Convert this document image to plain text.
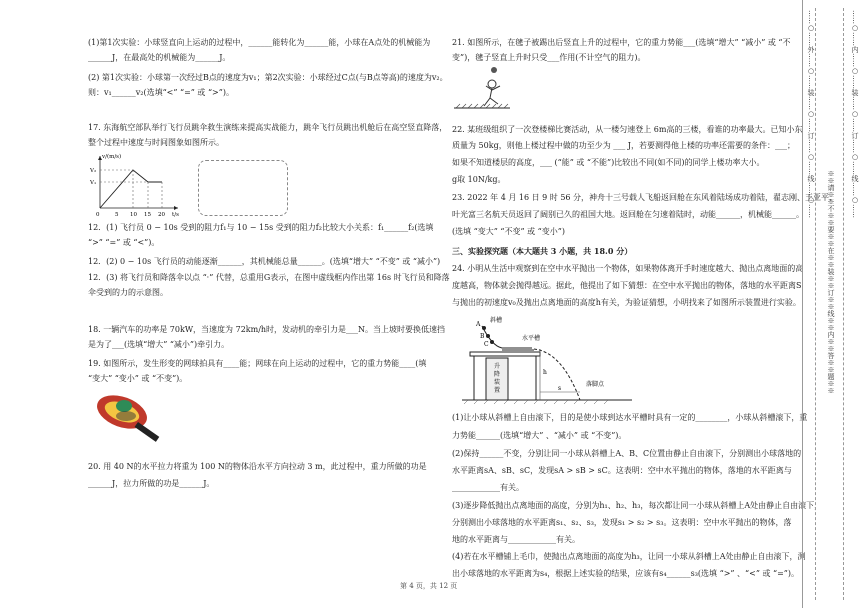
(1)第1次实验：小球竖直向上运动的过程中，______能转化为______能，小球在A点处的机械能为
______J，在最高处的机械能为______J。
(2) 第1次实验：小球第一次经过B点的速度为v₁；第2次实验：小球经过C点(与B点等高)的速度为v₂。
则：v₁______v₂(选填“<” “=” 或 “>”)。
17. 东海航空部队举行飞行员跳伞救生演练来提高实战能力，跳伞飞行员跳出机舱后在高空竖直降落，
整个过程中速度与时间图象如图所示。
v/(m/s)
V₂
V₁
t/s
0	5 10 15 20
12．(1) 飞行员 0 − 10s 受到的阻力f₁与 10 − 15s 受到的阻力f₂比较大小关系：f₁______f₂(选填
“>” “=” 或 “<”)。
12．(2) 0 − 10s 飞行员的动能逐渐______，其机械能总量______。(选填“增大” “不变” 或 “减小”)
12．(3) 将飞行员和降落伞以点 “·” 代替，总重用G表示，在图中虚线框内作出第 16s 时飞行员和降落
伞受到的力的示意图。
18. 一辆汽车的功率是 70kW，当速度为 72km/h时，发动机的牵引力是___N。当上坡时要换低速挡
是为了___(选填“增大” “减小”)牵引力。
19. 如图所示，发生形变的网球拍具有____能；网球在向上运动的过程中，它的重力势能____(填
“变大” “变小” 或 “不变”)。
20. 用 40 N的水平拉力将重为 100 N的物体沿水平方向拉动 3 m，此过程中，重力所做的功是
______J，拉力所做的功是______J。
21. 如图所示，在毽子被踢出后竖直上升的过程中，它的重力势能___(选填“增大” “减小” 或 “不
变”)，毽子竖直上升时只受___作用(不计空气的阻力)。
22. 某班级组织了一次登楼梯比赛活动，从一楼匀速登上 6m高的三楼，看谁的功率最大。已知小东
质量为 50kg，则他上楼过程中做的功至少为 ___ J，若要测得他上楼的功率还需要的条件：___；
如果不知道楼层的高度，___ (“能” 或 “不能”)比较出不同(如不同)的同学上楼功率大小。
g取 10N/kg。
23. 2022 年 4 月 16 日 9 时 56 分，神舟十三号载人飞船返回舱在东风着陆场成功着陆，翟志刚、王亚平、
叶光富三名航天员返回了阔别已久的祖国大地。返回舱在匀速着陆时，动能______，机械能______。
(选填 “变大” “不变” 或 “变小”)
三、实验探究题（本大题共 3 小题，共 18.0 分）
24. 小明从生活中观察到在空中水平抛出一个物体，如果物体离开手时速度越大、抛出点离地面的高
度越高，物体就会抛得越远。据此，他提出了如下猜想：在空中水平抛出的物体，落地的水平距离S
与抛出的初速度v₀及抛出点离地面的高度h有关，为验证猜想，小明找来了如图所示装置进行实验。
斜槽
水平槽
A
B
C
升
降
装
置
h
s
落脚点
(1)让小球从斜槽上自由滚下，目的是使小球到达水平槽时具有一定的________，小球从斜槽滚下，重
力势能______(选填“增大” 、“减小” 或 “不变”)。
(2)保持______不变，分别让同一小球从斜槽上A、B、C位置由静止自由滚下，分别测出小球落地的
水平距离sA、sB、sC，发现sA > sB > sC。这表明：空中水平抛出的物体，落地的水平距离与
____________有关。
(3)逐步降低抛出点离地面的高度，分别为h₁、h₂、h₃，每次都让同一小球从斜槽上A处由静止自由滚下，
分别测出小球落地的水平距离s₁、s₂、s₃，发现s₁ > s₂ > s₃。这表明：空中水平抛出的物体，落
地的水平距离与____________有关。
(4)若在水平槽铺上毛巾，使抛出点离地面的高度为h₃，让同一小球从斜槽上A处由静止自由滚下，测
出小球落地的水平距离为s₄，根据上述实验的结果，应该有s₄______s₃(选填 “>” 、“<” 或 “=”)。
第 4 页，共 12 页
……○……外……○……装……○……订……○……线……○……
※※请※※不※※要※※在※※装※※订※※线※※内※※答※※题※※
……○……内……○……装……○……订……○……线……○……
